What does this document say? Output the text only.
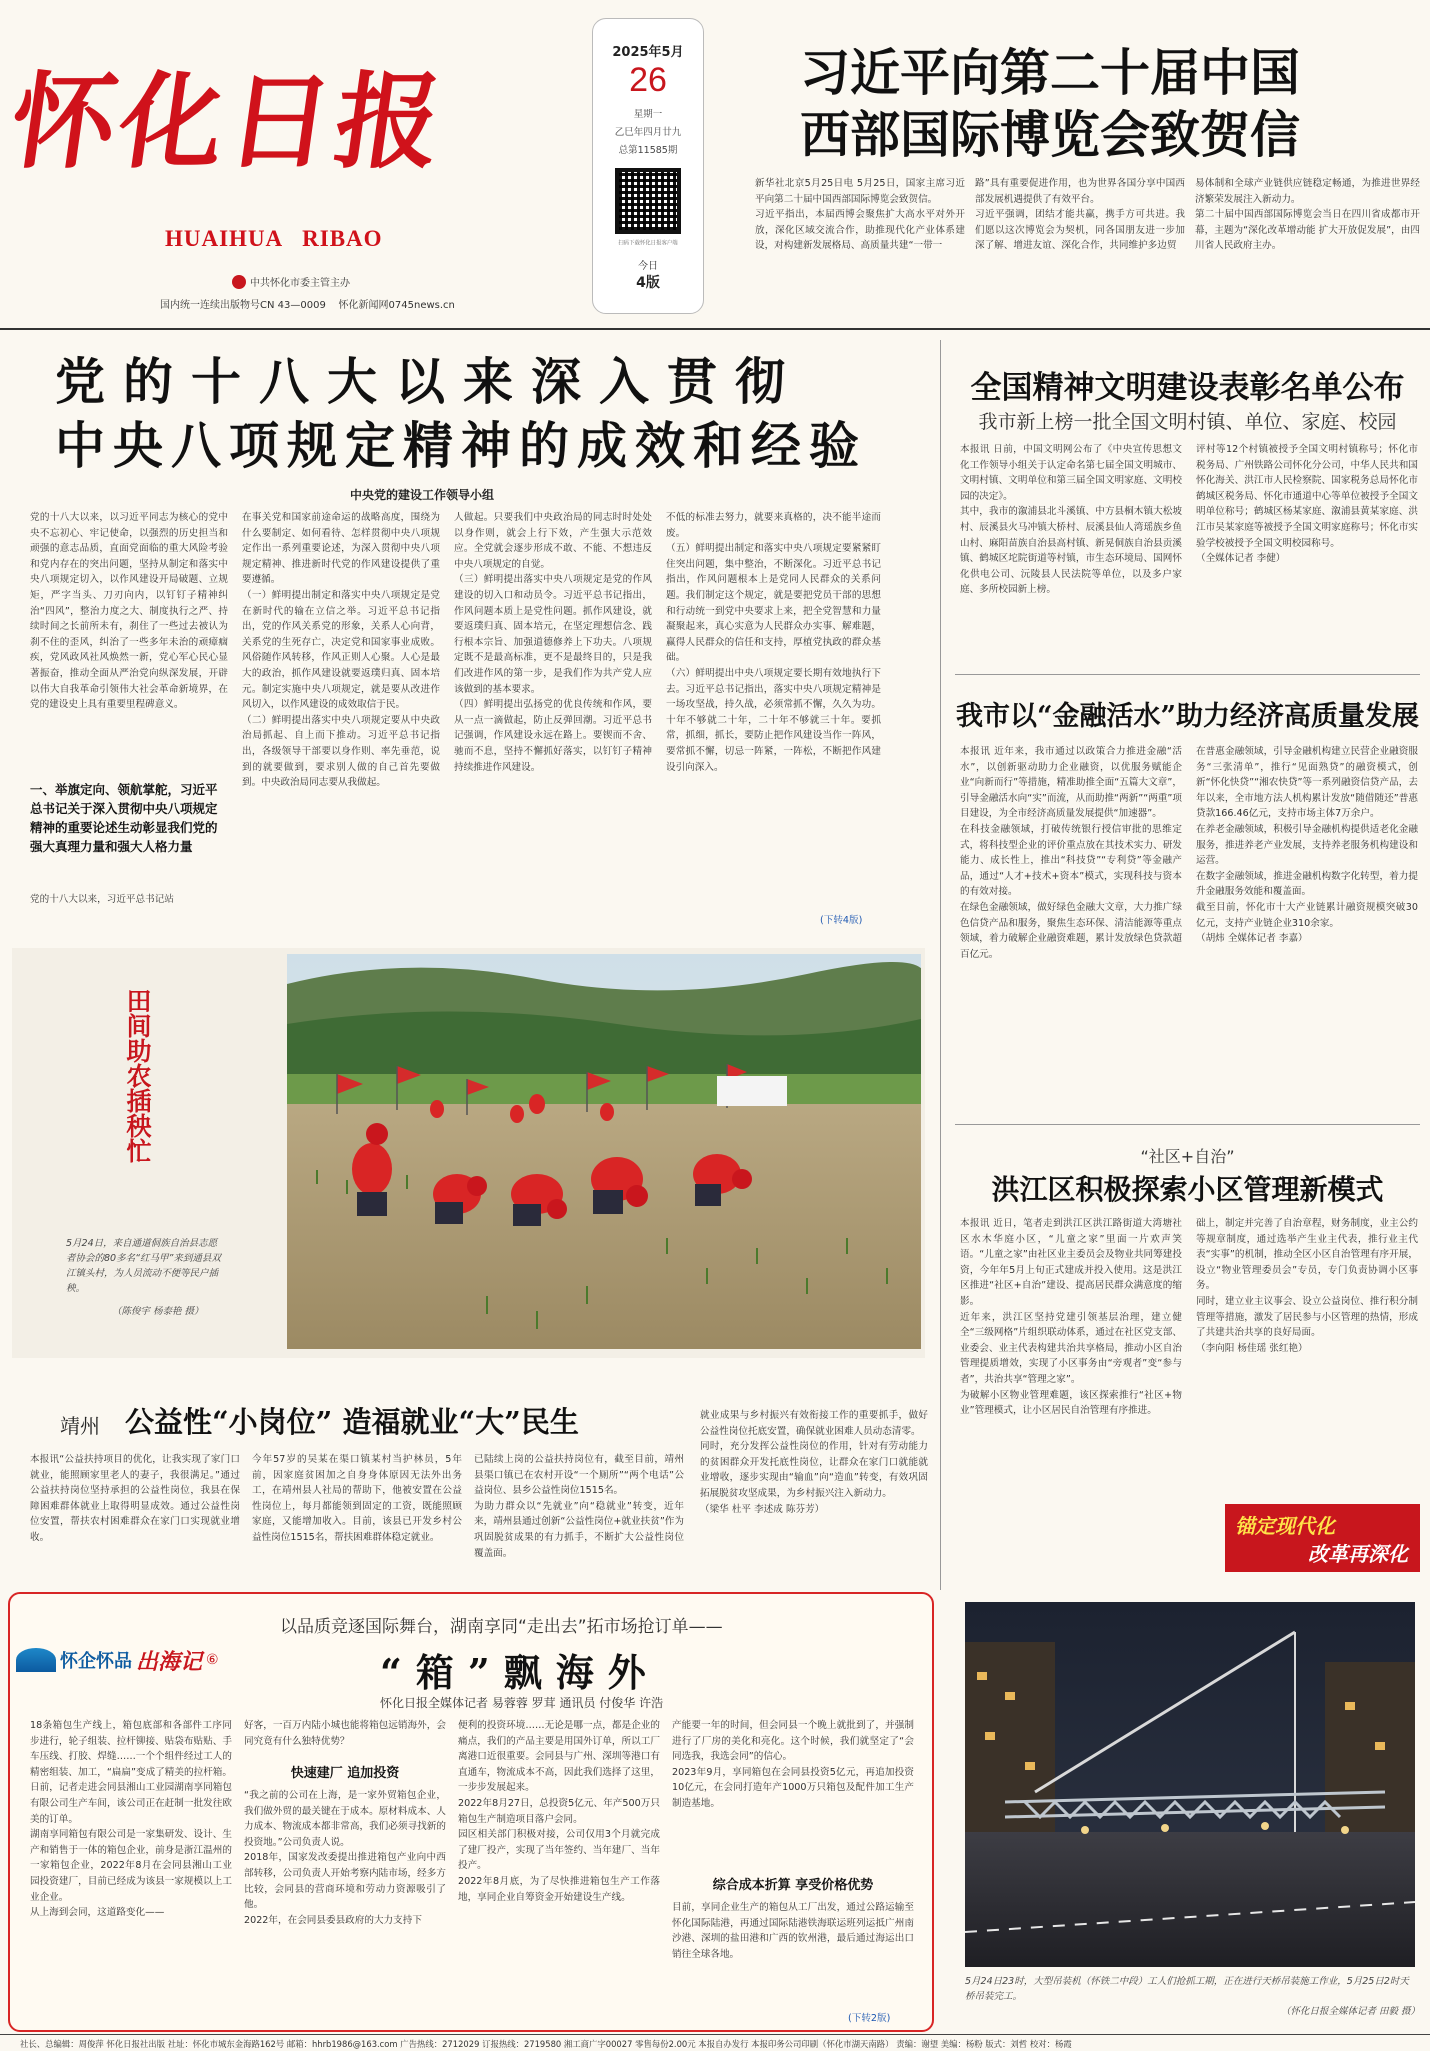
怀化日报
HUAIHUA   RIBAO
中共怀化市委主管主办
国内统一连续出版物号CN 43—0009 怀化新闻网0745news.cn
2025年5月
26
星期一
乙巳年四月廿九
总第11585期
扫码下载怀化日报客户端
今日
4版
习近平向第二十届中国
西部国际博览会致贺信
新华社北京5月25日电 5月25日，国家主席习近平向第二十届中国西部国际博览会致贺信。
习近平指出，本届西博会聚焦扩大高水平对外开放，深化区域交流合作，助推现代化产业体系建设，对构建新发展格局、高质量共建“一带一
路”具有重要促进作用，也为世界各国分享中国西部发展机遇提供了有效平台。
习近平强调，团结才能共赢，携手方可共进。我们愿以这次博览会为契机，同各国朋友进一步加深了解、增进友谊、深化合作，共同维护多边贸
易体制和全球产业链供应链稳定畅通，为推进世界经济繁荣发展注入新动力。
第二十届中国西部国际博览会当日在四川省成都市开幕，主题为“深化改革增动能 扩大开放促发展”，由四川省人民政府主办。
党的十八大以来深入贯彻
中央八项规定精神的成效和经验
中央党的建设工作领导小组
党的十八大以来，以习近平同志为核心的党中央不忘初心、牢记使命，以强烈的历史担当和顽强的意志品质，直面党面临的重大风险考验和党内存在的突出问题，坚持从制定和落实中央八项规定切入，以作风建设开局破题、立规矩，严字当头、刀刃向内，以钉钉子精神纠治“四风”，整治力度之大、制度执行之严、持续时间之长前所未有，刹住了一些过去被认为刹不住的歪风，纠治了一些多年未治的顽瘴痼疾，党风政风社风焕然一新，党心军心民心显著振奋，推动全面从严治党向纵深发展，开辟以伟大自我革命引领伟大社会革命新境界，在党的建设史上具有重要里程碑意义。
一、举旗定向、领航掌舵，习近平总书记关于深入贯彻中央八项规定精神的重要论述生动彰显我们党的强大真理力量和强大人格力量
党的十八大以来，习近平总书记站
在事关党和国家前途命运的战略高度，围绕为什么要制定、如何看待、怎样贯彻中央八项规定作出一系列重要论述，为深入贯彻中央八项规定精神、推进新时代党的作风建设提供了重要遵循。
（一）鲜明提出制定和落实中央八项规定是党在新时代的输在立信之举。习近平总书记指出，党的作风关系党的形象，关系人心向背，关系党的生死存亡，决定党和国家事业成败。风俗随作风转移，作风正则人心聚。人心是最大的政治，抓作风建设就要返璞归真、固本培元。制定实施中央八项规定，就是要从改进作风切入，以作风建设的成效取信于民。
（二）鲜明提出落实中央八项规定要从中央政治局抓起、自上而下推动。习近平总书记指出，各级领导干部要以身作则、率先垂范，说到的就要做到，要求别人做的自己首先要做到。中央政治局同志要从我做起。
人做起。只要我们中央政治局的同志时时处处以身作则，就会上行下效，产生强大示范效应。全党就会逐步形成不敢、不能、不想违反中央八项规定的自觉。
（三）鲜明提出落实中央八项规定是党的作风建设的切入口和动员令。习近平总书记指出，作风问题本质上是党性问题。抓作风建设，就要返璞归真、固本培元，在坚定理想信念、践行根本宗旨、加强道德修养上下功夫。八项规定既不是最高标准，更不是最终目的，只是我们改进作风的第一步，是我们作为共产党人应该做到的基本要求。
（四）鲜明提出弘扬党的优良传统和作风，要从一点一滴做起，防止反弹回潮。习近平总书记强调，作风建设永远在路上。要锲而不舍、驰而不息，坚持不懈抓好落实，以钉钉子精神持续推进作风建设。
不低的标准去努力，就要来真格的，决不能半途而废。
（五）鲜明提出制定和落实中央八项规定要紧紧盯住突出问题，集中整治，不断深化。习近平总书记指出，作风问题根本上是党同人民群众的关系问题。我们制定这个规定，就是要把党员干部的思想和行动统一到党中央要求上来，把全党智慧和力量凝聚起来，真心实意为人民群众办实事、解难题，赢得人民群众的信任和支持，厚植党执政的群众基础。
（六）鲜明提出中央八项规定要长期有效地执行下去。习近平总书记指出，落实中央八项规定精神是一场攻坚战，持久战，必须常抓不懈，久久为功。十年不够就二十年，二十年不够就三十年。要抓常，抓细，抓长，要防止把作风建设当作一阵风，要常抓不懈，切忌一阵紧，一阵松，不断把作风建设引向深入。
(下转4版)
全国精神文明建设表彰名单公布
我市新上榜一批全国文明村镇、单位、家庭、校园
本报讯 日前，中国文明网公布了《中央宣传思想文化工作领导小组关于认定命名第七届全国文明城市、文明村镇、文明单位和第三届全国文明家庭、文明校园的决定》。
其中，我市的溆浦县北斗溪镇、中方县桐木镇大松坡村、辰溪县火马冲镇大桥村、辰溪县仙人湾瑶族乡鱼山村、麻阳苗族自治县高村镇、新晃侗族自治县贡溪镇、鹤城区坨院街道等村镇，市生态环境局、国网怀化供电公司、沅陵县人民法院等单位，以及多户家庭、多所校园新上榜。
评村等12个村镇被授予全国文明村镇称号；怀化市税务局、广州铁路公司怀化分公司，中华人民共和国怀化海关、洪江市人民检察院、国家税务总局怀化市鹤城区税务局、怀化市通道中心等单位被授予全国文明单位称号；鹤城区杨某家庭、溆浦县黄某家庭、洪江市吴某家庭等被授予全国文明家庭称号；怀化市实验学校被授予全国文明校园称号。
（全媒体记者 李健）
我市以“金融活水”助力经济高质量发展
本报讯 近年来，我市通过以政策合力推进金融“活水”，以创新驱动助力企业融资，以优服务赋能企业“向新而行”等措施，精准助推全面“五篇大文章”，引导金融活水向“实”而流，从而助推“两新”“两重”项目建设，为全市经济高质量发展提供“加速器”。
在科技金融领域，打破传统银行授信审批的思维定式，将科技型企业的评价重点放在其技术实力、研发能力、成长性上，推出“科技贷”“专利贷”等金融产品，通过“人才+技术+资本”模式，实现科技与资本的有效对接。
在绿色金融领域，做好绿色金融大文章，大力推广绿色信贷产品和服务，聚焦生态环保、清洁能源等重点领域，着力破解企业融资难题，累计发放绿色贷款超百亿元。
在普惠金融领域，引导金融机构建立民营企业融资服务“三张清单”，推行“见面熟贷”的融资模式，创新“怀化快贷”“湘农快贷”等一系列融资信贷产品，去年以来，全市地方法人机构累计发放“随借随还”普惠贷款166.46亿元，支持市场主体7万余户。
在养老金融领域，积极引导金融机构提供适老化金融服务，推进养老产业发展，支持养老服务机构建设和运营。
在数字金融领域，推进金融机构数字化转型，着力提升金融服务效能和覆盖面。
截至目前，怀化市十大产业链累计融资规模突破30亿元，支持产业链企业310余家。
（胡炜 全媒体记者 李嘉）
“社区+自治”
洪江区积极探索小区管理新模式
本报讯 近日，笔者走到洪江区洪江路街道大湾塘社区水木华庭小区，“儿童之家”里面一片欢声笑语。“儿童之家”由社区业主委员会及物业共同筹建投资，今年年5月上旬正式建成并投入使用。这是洪江区推进“社区+自治”建设、提高居民群众满意度的缩影。
近年来，洪江区坚持党建引领基层治理，建立健全“三级网格”片组织联动体系，通过在社区党支部、业委会、业主代表构建共治共享格局，推动小区自治管理提质增效，实现了小区事务由“旁观者”变“参与者”，共治共享“管理之家”。
为破解小区物业管理难题，该区探索推行“社区+物业”管理模式，让小区居民自治管理有序推进。
础上，制定并完善了自治章程，财务制度，业主公约等规章制度，通过选举产生业主代表，推行业主代表“实事”的机制，推动全区小区自治管理有序开展，设立“物业管理委员会”专员，专门负责协调小区事务。
同时，建立业主议事会、设立公益岗位、推行积分制管理等措施，激发了居民参与小区管理的热情，形成了共建共治共享的良好局面。
（李向阳 杨佳瑶 张红艳）
锚定现代化
改革再深化
田间助农插秧忙
5月24日，来自通道侗族自治县志愿者协会的80多名“红马甲”来到通县双江镇头村，为人员流动不便等民户插秧。
（陈俊宇 杨泰艳 摄）
靖州 公益性“小岗位” 造福就业“大”民生
本报讯“公益扶持项目的优化，让我实现了家门口就业，能照顾家里老人的妻子，我很满足。”通过公益扶持岗位坚持承担的公益性岗位，我县在保障困难群体就业上取得明显成效。通过公益性岗位安置，帮扶农村困难群众在家门口实现就业增收。
今年57岁的吴某在渠口镇某村当护林员，5年前，因家庭贫困加之自身身体原因无法外出务工，在靖州县人社局的帮助下，他被安置在公益性岗位上，每月都能领到固定的工资，既能照顾家庭，又能增加收入。目前，该县已开发乡村公益性岗位1515名，帮扶困难群体稳定就业。
已陆续上岗的公益扶持岗位有，截至目前，靖州县渠口镇已在农村开设“一个厕所”“两个电话”公益岗位、县乡公益性岗位1515名。
为助力群众以“先就业”向“稳就业”转变，近年来，靖州县通过创新“公益性岗位+就业扶贫”作为巩固脱贫成果的有力抓手，不断扩大公益性岗位覆盖面。
就业成果与乡村振兴有效衔接工作的重要抓手，做好公益性岗位托底安置，确保就业困难人员动态清零。
同时，充分发挥公益性岗位的作用，针对有劳动能力的贫困群众开发托底性岗位，让群众在家门口就能就业增收，逐步实现由“输血”向“造血”转变，有效巩固拓展脱贫攻坚成果，为乡村振兴注入新动力。
（梁华 杜平 李述成 陈芬芳）
怀企怀品 出海记 ⑥
以品质竞逐国际舞台，湖南享同“走出去”拓市场抢订单——
“箱”飘海外
怀化日报全媒体记者 易蓉蓉 罗茸 通讯员 付俊华 许浩
18条箱包生产线上，箱包底部和各部件工序同步进行，轮子组装、拉杆铆接、贴袋布贴贴、手车压线、打胶、焊缝……一个个组件经过工人的精密组装、加工，“扁扁”变成了精美的拉杆箱。日前，记者走进会同县湘山工业园湖南享同箱包有限公司生产车间，该公司正在赶制一批发往欧美的订单。
湖南享同箱包有限公司是一家集研发、设计、生产和销售于一体的箱包企业，前身是浙江温州的一家箱包企业，2022年8月在会同县湘山工业园投资建厂，目前已经成为该县一家规模以上工业企业。
从上海到会同，这道路变化——
好客，一百万内陆小城也能将箱包远销海外，会同究竟有什么独特优势？
快速建厂 追加投资
“我之前的公司在上海，是一家外贸箱包企业，我们做外贸的最关键在于成本。原材料成本、人力成本、物流成本都非常高，我们必须寻找新的投资地。”公司负责人说。
2018年，国家发改委提出推进箱包产业向中西部转移，公司负责人开始考察内陆市场，经多方比较，会同县的营商环境和劳动力资源吸引了他。
2022年，在会同县委县政府的大力支持下
便利的投资环境……无论是哪一点，都是企业的痛点，我们的产品主要是用国外订单，所以工厂离港口近很重要。会同县与广州、深圳等港口有直通车，物流成本不高，因此我们选择了这里，一步步发展起来。
2022年8月27日，总投资5亿元、年产500万只箱包生产制造项目落户会同。
园区相关部门积极对接，公司仅用3个月就完成了建厂投产，实现了当年签约、当年建厂、当年投产。
2022年8月底，为了尽快推进箱包生产工作落地，享同企业自筹资金开始建设生产线。
产能要一年的时间，但会同县一个晚上就批到了，并强制进行了厂房的美化和亮化。这个时候，我们就坚定了“会同选我，我选会同”的信心。
2023年9月，享同箱包在会同县投资5亿元，再追加投资10亿元，在会同打造年产1000万只箱包及配件加工生产制造基地。
综合成本折算 享受价格优势
目前，享同企业生产的箱包从工厂出发，通过公路运输至怀化国际陆港，再通过国际陆港铁海联运班列运抵广州南沙港、深圳的盐田港和广西的钦州港，最后通过海运出口销往全球各地。
(下转2版)
5月24日23时，大型吊装机（怀铁二中段）工人们抢抓工期，正在进行天桥吊装施工作业，5月25日2时天桥吊装完工。
（怀化日报全媒体记者 田毅 摄）
社长、总编辑：周俊萍 怀化日报社出版 社址：怀化市城东金海路162号 邮箱：hhrb1986@163.com 广告热线：2712029 订报热线：2719580 湘工商广字00027 零售每份2.00元 本报自办发行 本报印务公司印刷（怀化市湖天南路） 责编：谢望 美编：杨粉 版式：刘哲 校对：杨霞
